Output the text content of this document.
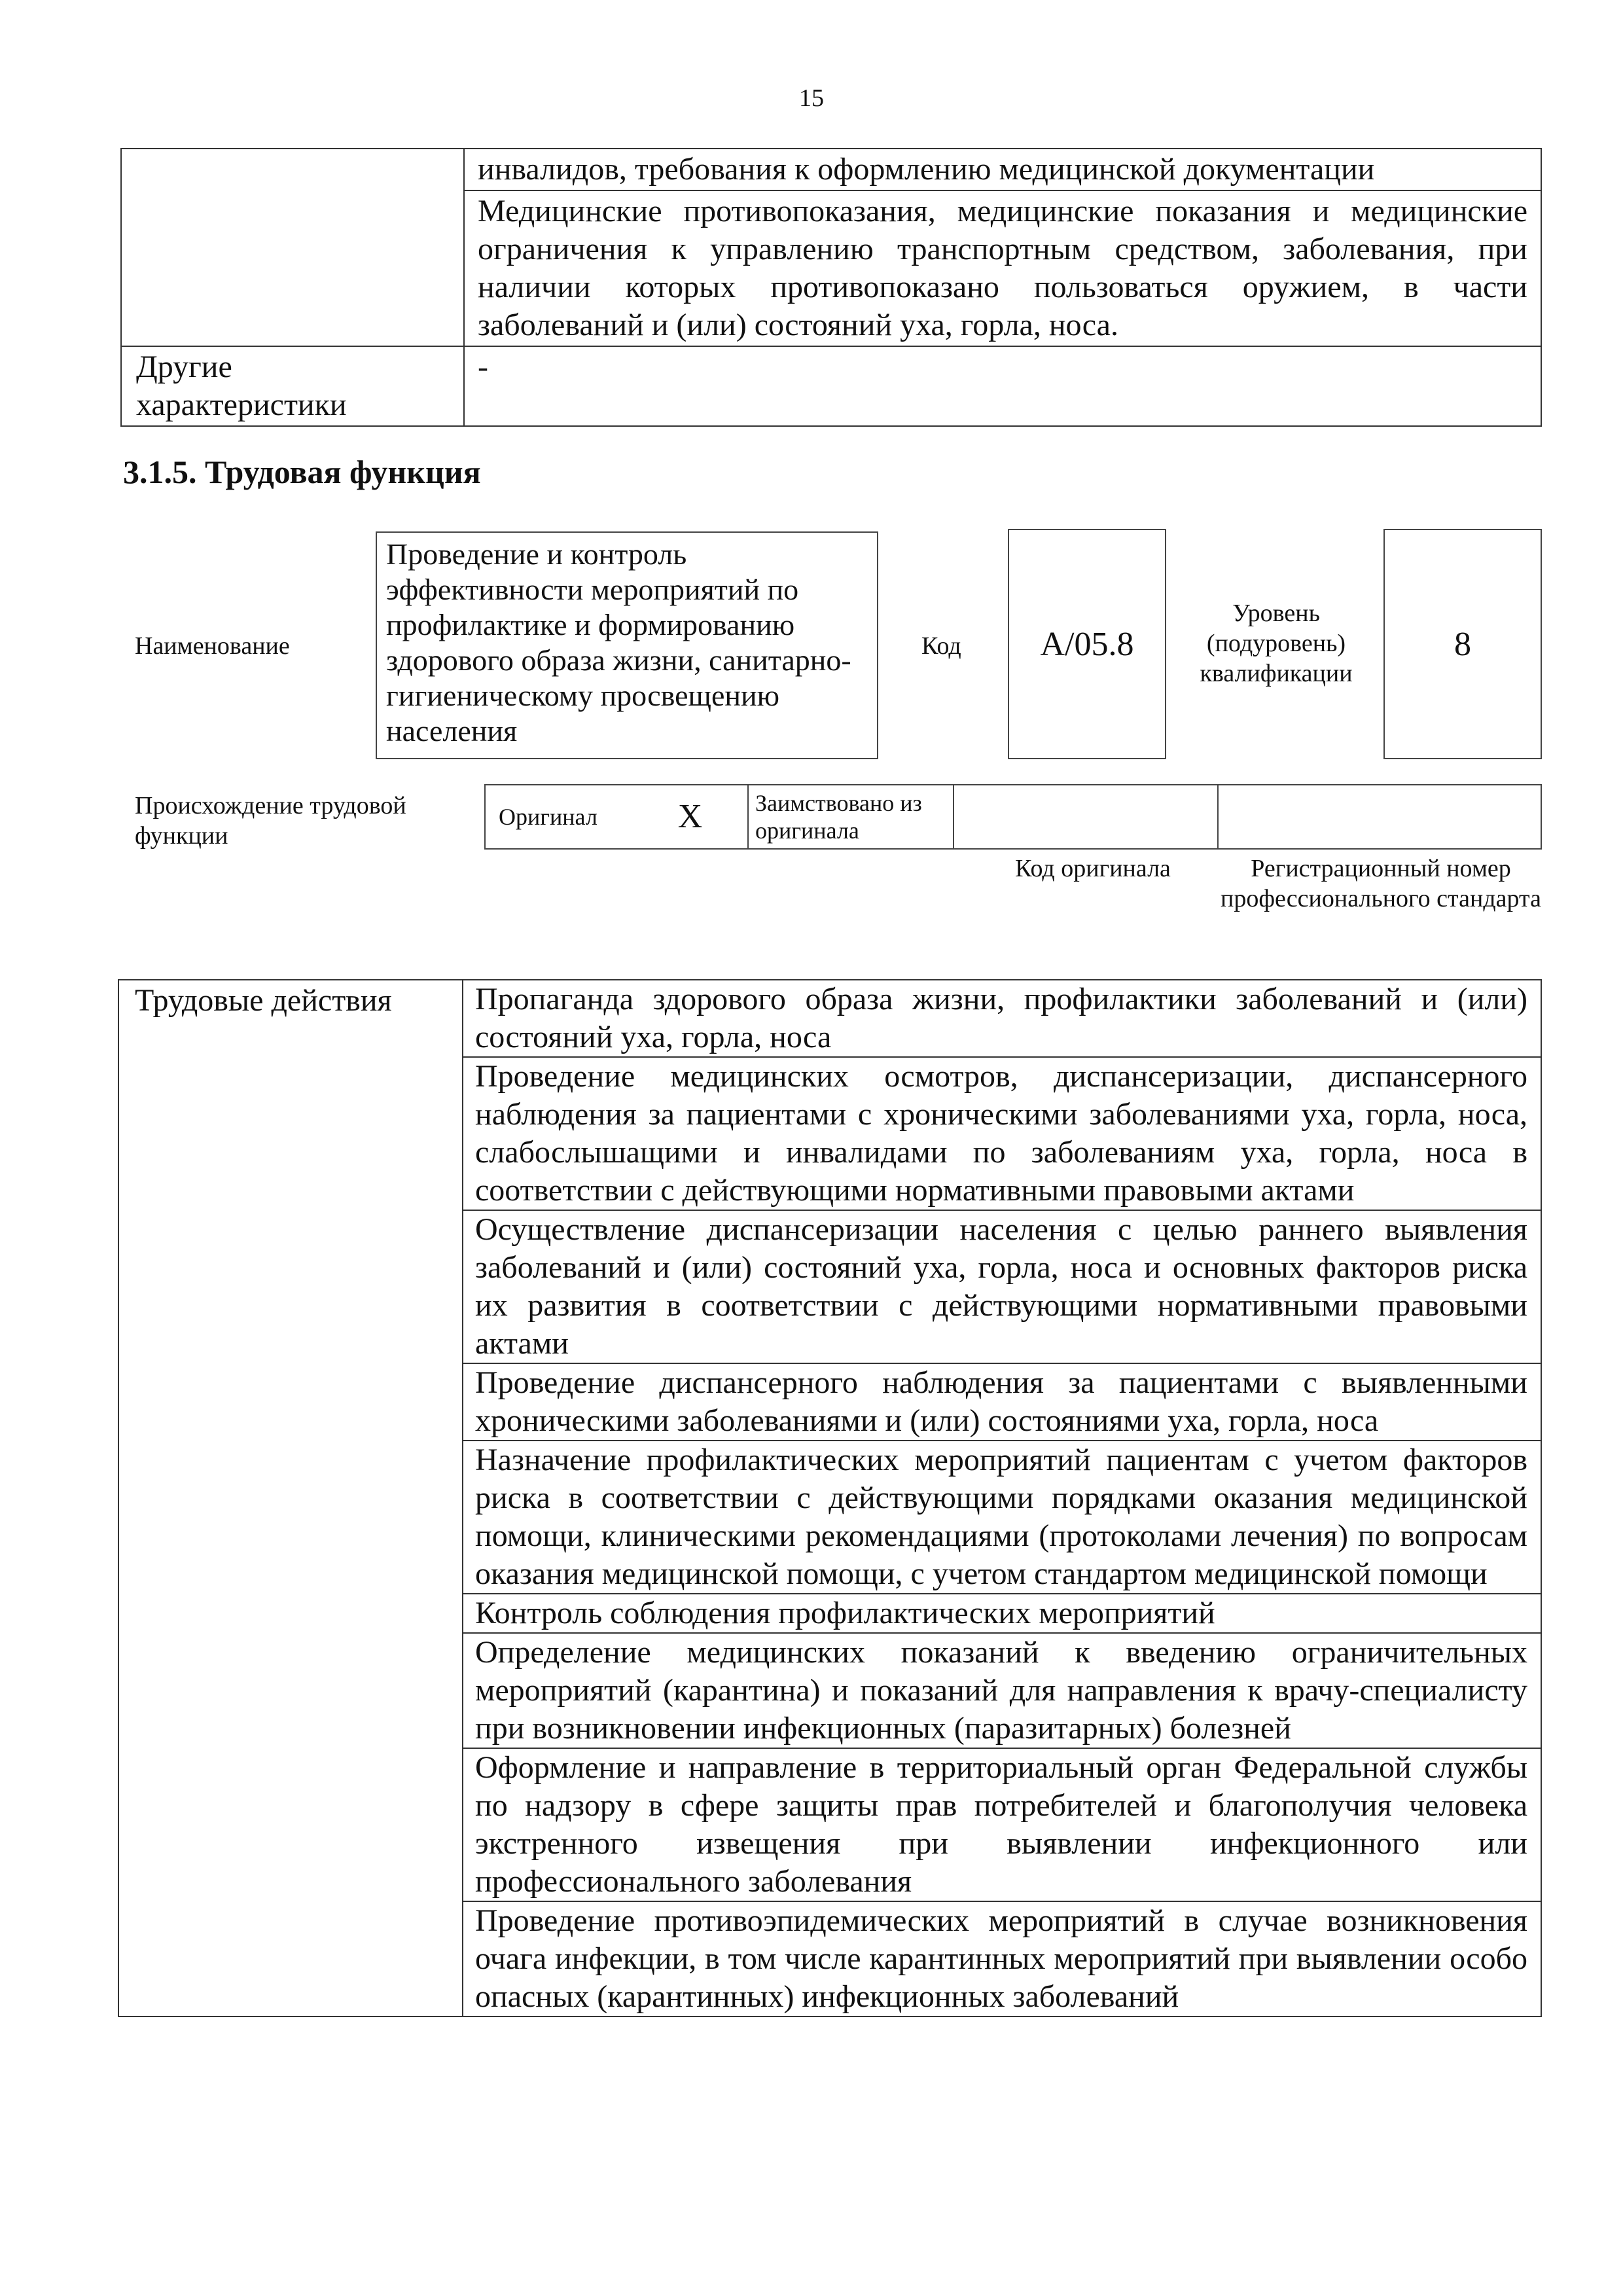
15
	инвалидов, требования к оформлению медицинской документации
	Медицинские противопоказания, медицинские показания и медицинские ограничения к управлению транспортным средством, заболевания, при наличии которых противопоказано пользоваться оружием, в части заболеваний и (или) состояний уха, горла, носа.
Другие характеристики	-
3.1.5. Трудовая функция
Наименование
Проведение и контроль эффективности мероприятий по профилактике и формированию здорового образа жизни, санитарно-гигиеническому просвещению населения
Код A/05.8
Уровень (подуровень) квалификации
8
Происхождение трудовой функции
Оригинал	X	Заимствовано из оригинала		
Код оригинала	Регистрационный номер профессионального стандарта
Трудовые действия	Пропаганда здорового образа жизни, профилактики заболеваний и (или) состояний уха, горла, носа
Проведение медицинских осмотров, диспансеризации, диспансерного наблюдения за пациентами с хроническими заболеваниями уха, горла, носа, слабослышащими и инвалидами по заболеваниям уха, горла, носа в соответствии с действующими нормативными правовыми актами
Осуществление диспансеризации населения с целью раннего выявления заболеваний и (или) состояний уха, горла, носа и основных факторов риска их развития в соответствии с действующими нормативными правовыми актами
Проведение диспансерного наблюдения за пациентами с выявленными хроническими заболеваниями и (или) состояниями уха, горла, носа
Назначение профилактических мероприятий пациентам с учетом факторов риска в соответствии с действующими порядками оказания медицинской помощи, клиническими рекомендациями (протоколами лечения) по вопросам оказания медицинской помощи, с учетом стандартом медицинской помощи
Контроль соблюдения профилактических мероприятий
Определение медицинских показаний к введению ограничительных мероприятий (карантина) и показаний для направления к врачу-специалисту при возникновении инфекционных (паразитарных) болезней
Оформление и направление в территориальный орган Федеральной службы по надзору в сфере защиты прав потребителей и благополучия человека экстренного извещения при выявлении инфекционного или профессионального заболевания
Проведение противоэпидемических мероприятий в случае возникновения очага инфекции, в том числе карантинных мероприятий при выявлении особо опасных (карантинных) инфекционных заболеваний
